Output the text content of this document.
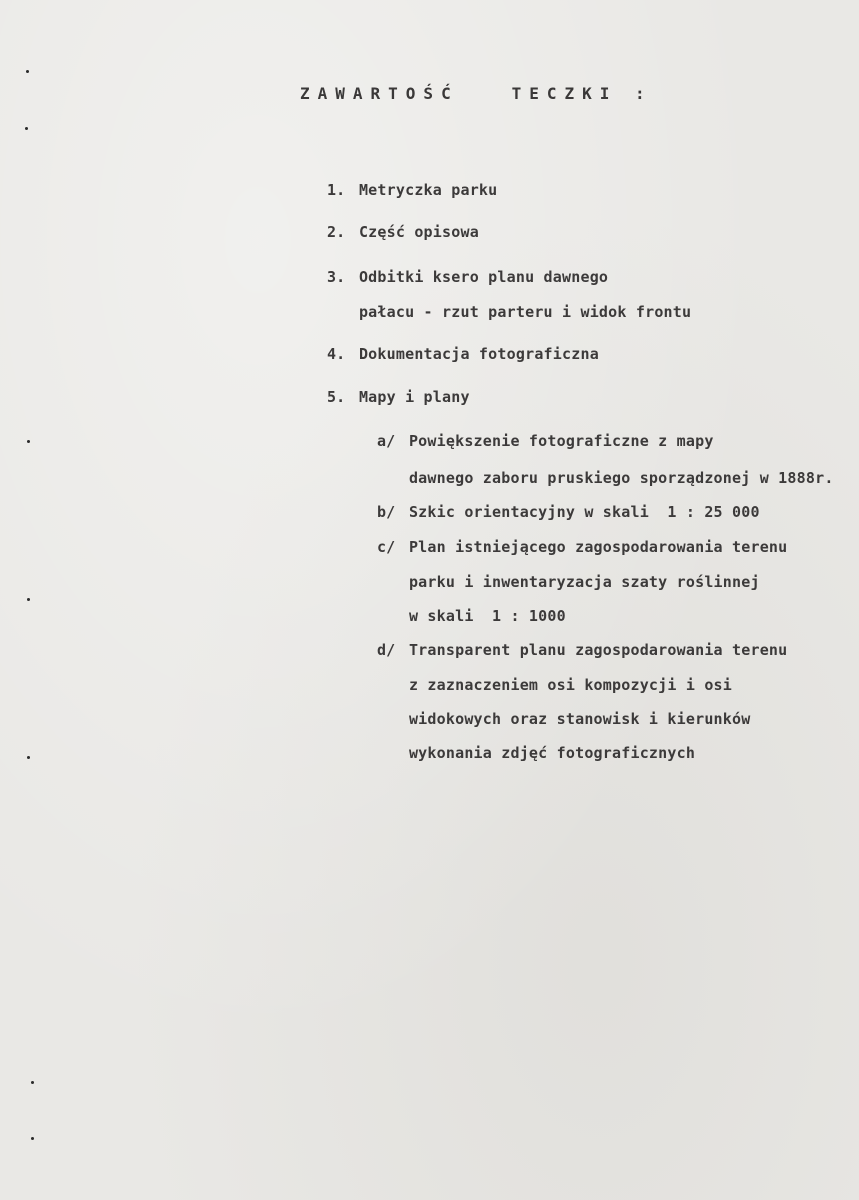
ZAWARTOŚĆ   TECZKI :

1. Metryczka parku

2. Część opisowa

3. Odbitki ksero planu dawnego

pałacu - rzut parteru i widok frontu

4. Dokumentacja fotograficzna

5. Mapy i plany

a/ Powiększenie fotograficzne z mapy

dawnego zaboru pruskiego sporządzonej w 1888r.

b/ Szkic orientacyjny w skali  1 : 25 000

c/ Plan istniejącego zagospodarowania terenu

parku i inwentaryzacja szaty roślinnej

w skali  1 : 1000

d/ Transparent planu zagospodarowania terenu

z zaznaczeniem osi kompozycji i osi

widokowych oraz stanowisk i kierunków

wykonania zdjęć fotograficznych
